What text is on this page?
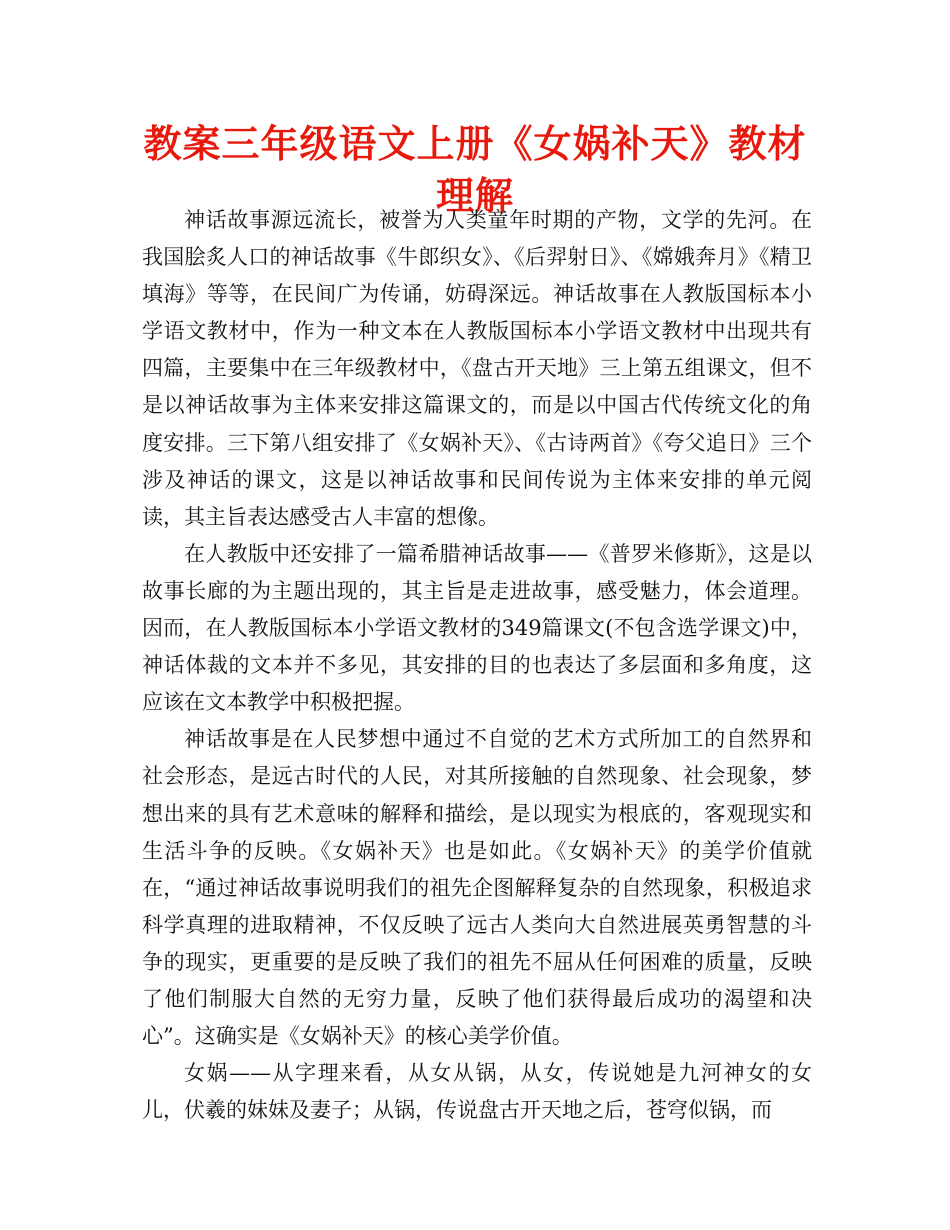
教案三年级语文上册《女娲补天》教材理解

神话故事源远流长，被誉为人类童年时期的产物，文学的先河。在我国脍炙人口的神话故事《牛郎织女》、《后羿射日》、《嫦娥奔月》《精卫填海》等等，在民间广为传诵，妨碍深远。神话故事在人教版国标本小学语文教材中，作为一种文本在人教版国标本小学语文教材中出现共有四篇，主要集中在三年级教材中，《盘古开天地》三上第五组课文，但不是以神话故事为主体来安排这篇课文的，而是以中国古代传统文化的角度安排。三下第八组安排了《女娲补天》、《古诗两首》《夸父追日》三个涉及神话的课文，这是以神话故事和民间传说为主体来安排的单元阅读，其主旨表达感受古人丰富的想像。

在人教版中还安排了一篇希腊神话故事——《普罗米修斯》，这是以故事长廊的为主题出现的，其主旨是走进故事，感受魅力，体会道理。因而，在人教版国标本小学语文教材的349篇课文(不包含选学课文)中，神话体裁的文本并不多见，其安排的目的也表达了多层面和多角度，这应该在文本教学中积极把握。

神话故事是在人民梦想中通过不自觉的艺术方式所加工的自然界和社会形态，是远古时代的人民，对其所接触的自然现象、社会现象，梦想出来的具有艺术意味的解释和描绘，是以现实为根底的，客观现实和生活斗争的反映。《女娲补天》也是如此。《女娲补天》的美学价值就在，“通过神话故事说明我们的祖先企图解释复杂的自然现象，积极追求科学真理的进取精神，不仅反映了远古人类向大自然进展英勇智慧的斗争的现实，更重要的是反映了我们的祖先不屈从任何困难的质量，反映了他们制服大自然的无穷力量，反映了他们获得最后成功的渴望和决心”。这确实是《女娲补天》的核心美学价值。

女娲——从字理来看，从女从锅，从女，传说她是九河神女的女儿，伏羲的妹妹及妻子；从锅，传说盘古开天地之后，苍穹似锅，而
